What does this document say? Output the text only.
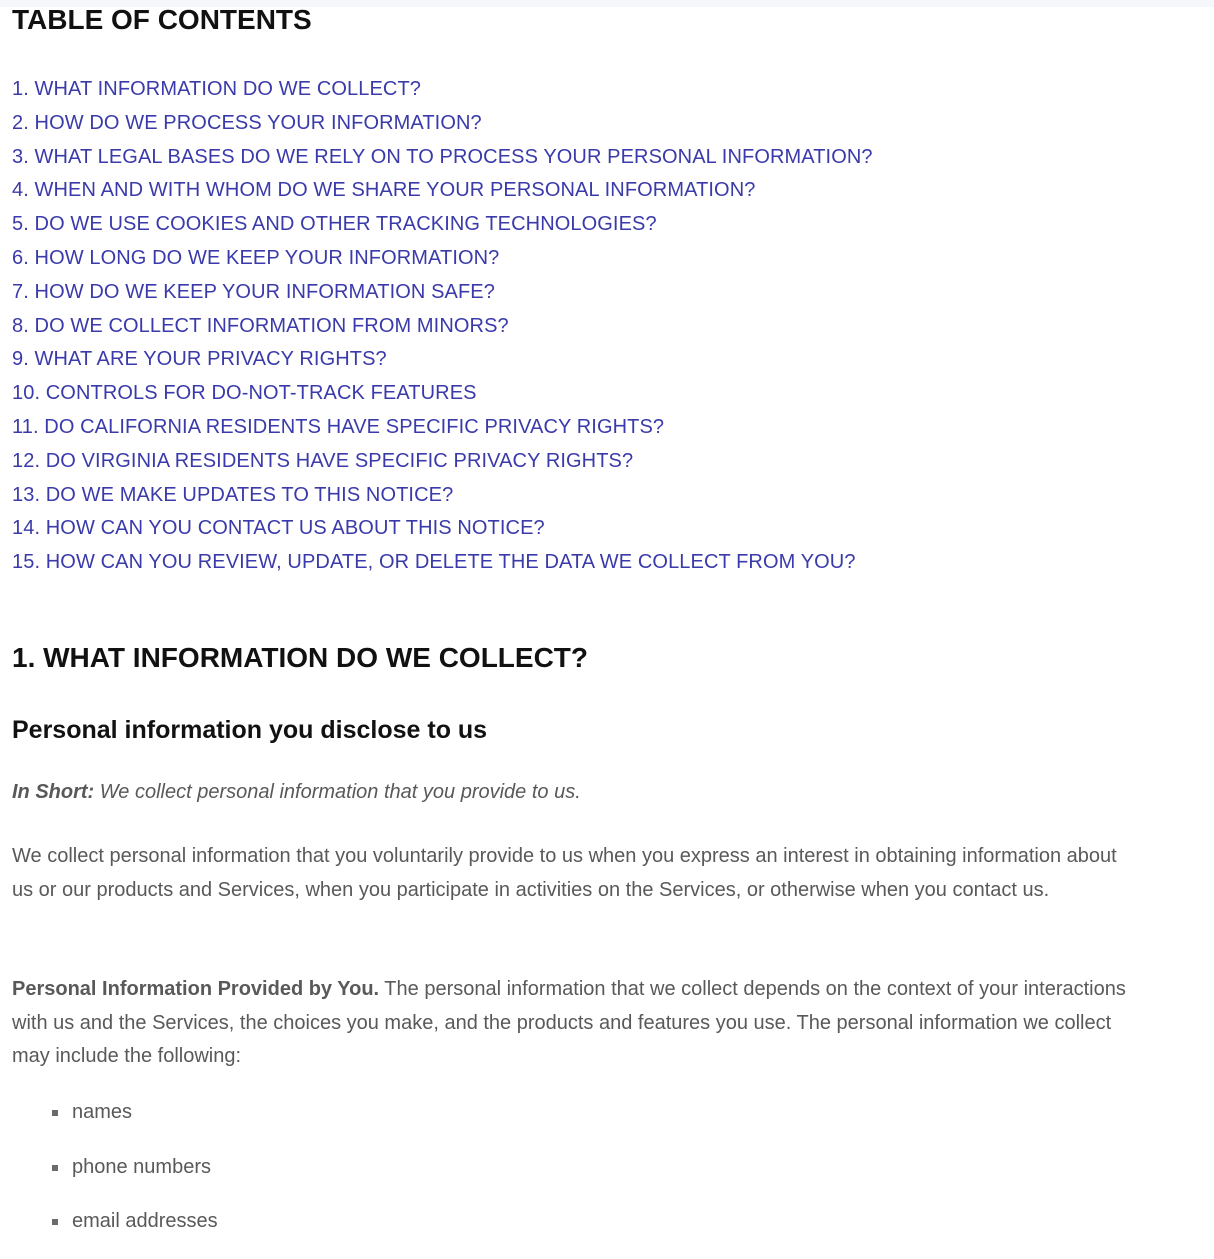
TABLE OF CONTENTS
1. WHAT INFORMATION DO WE COLLECT?
2. HOW DO WE PROCESS YOUR INFORMATION?
3. WHAT LEGAL BASES DO WE RELY ON TO PROCESS YOUR PERSONAL INFORMATION?
4. WHEN AND WITH WHOM DO WE SHARE YOUR PERSONAL INFORMATION?
5. DO WE USE COOKIES AND OTHER TRACKING TECHNOLOGIES?
6. HOW LONG DO WE KEEP YOUR INFORMATION?
7. HOW DO WE KEEP YOUR INFORMATION SAFE?
8. DO WE COLLECT INFORMATION FROM MINORS?
9. WHAT ARE YOUR PRIVACY RIGHTS?
10. CONTROLS FOR DO-NOT-TRACK FEATURES
11. DO CALIFORNIA RESIDENTS HAVE SPECIFIC PRIVACY RIGHTS?
12. DO VIRGINIA RESIDENTS HAVE SPECIFIC PRIVACY RIGHTS?
13. DO WE MAKE UPDATES TO THIS NOTICE?
14. HOW CAN YOU CONTACT US ABOUT THIS NOTICE?
15. HOW CAN YOU REVIEW, UPDATE, OR DELETE THE DATA WE COLLECT FROM YOU?
1. WHAT INFORMATION DO WE COLLECT?
Personal information you disclose to us

In Short: We collect personal information that you provide to us.

We collect personal information that you voluntarily provide to us when you express an interest in obtaining information about us or our products and Services, when you participate in activities on the Services, or otherwise when you contact us.

Personal Information Provided by You. The personal information that we collect depends on the context of your interactions with us and the Services, the choices you make, and the products and features you use. The personal information we collect may include the following:

names
phone numbers
email addresses
